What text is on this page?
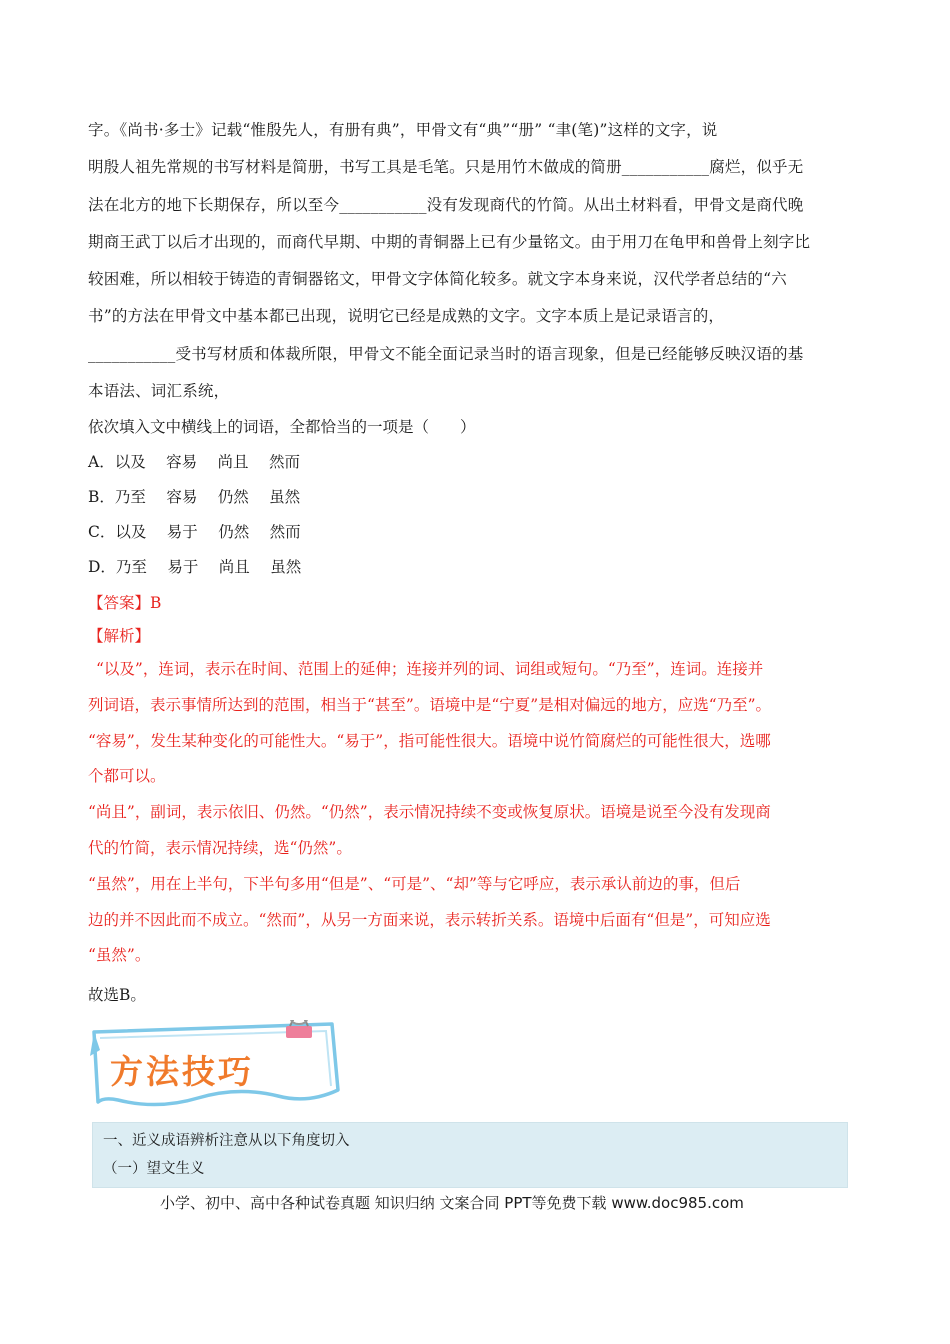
字。《尚书·多士》记载“惟殷先人，有册有典”，甲骨文有“典”“册” “聿(笔)”这样的文字，说
明殷人祖先常规的书写材料是简册，书写工具是毛笔。只是用竹木做成的简册___________腐烂，似乎无
法在北方的地下长期保存，所以至今___________没有发现商代的竹简。从出土材料看，甲骨文是商代晚
期商王武丁以后才出现的，而商代早期、中期的青铜器上已有少量铭文。由于用刀在龟甲和兽骨上刻字比
较困难，所以相较于铸造的青铜器铭文，甲骨文字体简化较多。就文字本身来说，汉代学者总结的“六
书”的方法在甲骨文中基本都已出现，说明它已经是成熟的文字。文字本质上是记录语言的，
___________受书写材质和体裁所限，甲骨文不能全面记录当时的语言现象，但是已经能够反映汉语的基
本语法、词汇系统，
依次填入文中横线上的词语，全都恰当的一项是（　　）
A．以及　 容易　 尚且　 然而
B．乃至　 容易　 仍然　 虽然
C．以及　 易于　 仍然　 然而
D．乃至　 易于　 尚且　 虽然
【答案】B
【解析】
“以及”，连词，表示在时间、范围上的延伸；连接并列的词、词组或短句。“乃至”，连词。连接并
列词语，表示事情所达到的范围，相当于“甚至”。语境中是“宁夏”是相对偏远的地方，应选“乃至”。
“容易”，发生某种变化的可能性大。“易于”，指可能性很大。语境中说竹简腐烂的可能性很大，选哪
个都可以。
“尚且”，副词，表示依旧、仍然。“仍然”，表示情况持续不变或恢复原状。语境是说至今没有发现商
代的竹简，表示情况持续，选“仍然”。
“虽然”，用在上半句，下半句多用“但是”、“可是”、“却”等与它呼应，表示承认前边的事，但后
边的并不因此而不成立。“然而”，从另一方面来说，表示转折关系。语境中后面有“但是”，可知应选
“虽然”。
故选B。
方法技巧
一、近义成语辨析注意从以下角度切入
（一）望文生义
小学、初中、高中各种试卷真题 知识归纳 文案合同 PPT等免费下载 www.doc985.com
